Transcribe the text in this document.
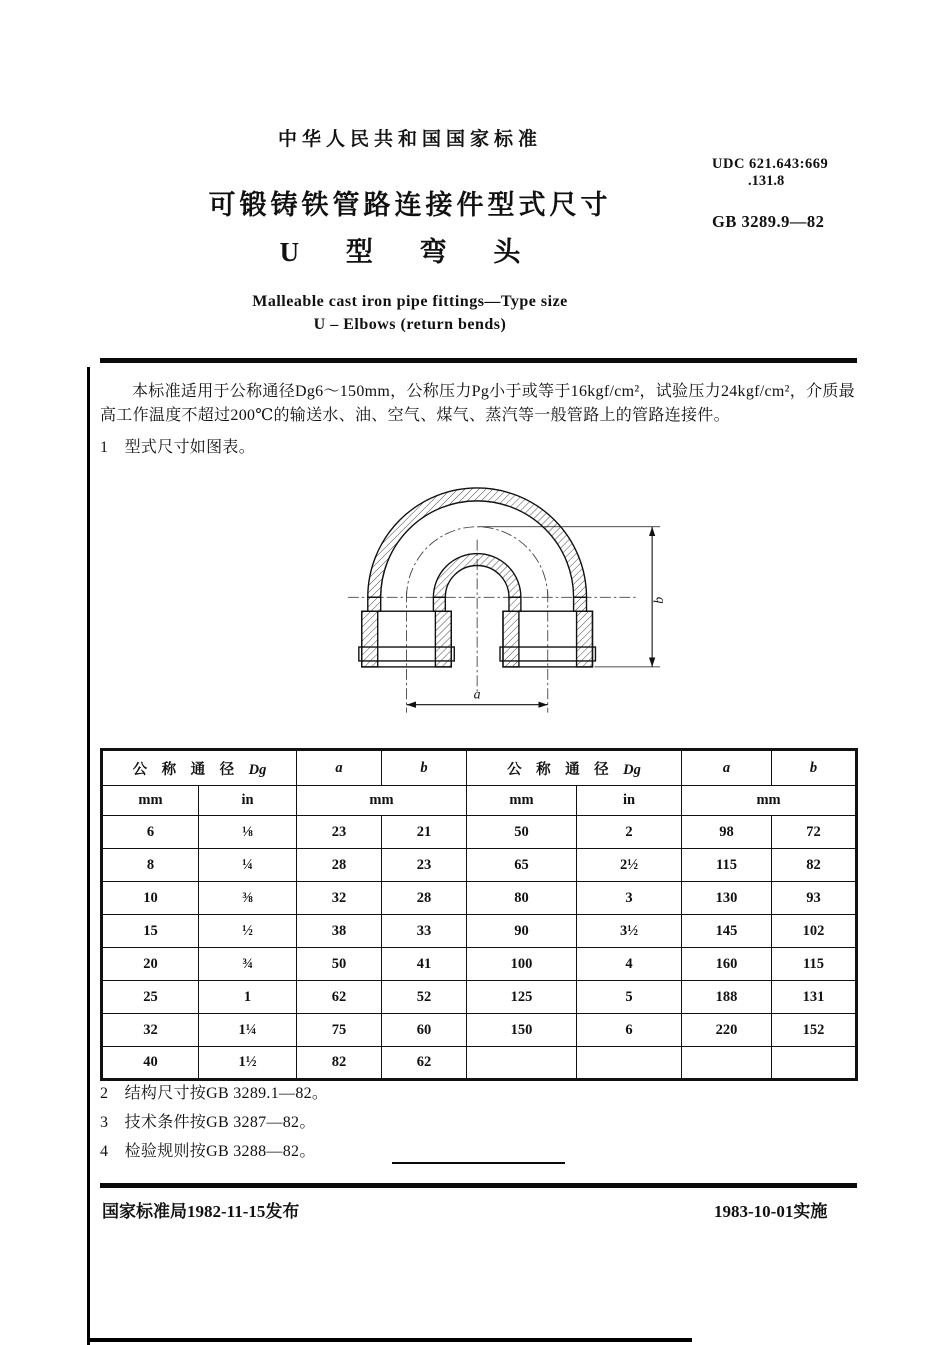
中华人民共和国国家标准
可锻铸铁管路连接件型式尺寸
U 型 弯 头
Malleable cast iron pipe fittings—Type size
U – Elbows (return bends)
UDC 621.643:669
.131.8
GB 3289.9—82

本标准适用于公称通径Dg6～150mm，公称压力Pg小于或等于16kgf/cm²，试验压力24kgf/cm²，介质最高工作温度不超过200℃的输送水、油、空气、煤气、蒸汽等一般管路上的管路连接件。

1　型式尺寸如图表。

a
b
公　称　通　径　 Dg		a	b	公　称　通　径　 Dg		a	b
mm	in	mm		mm	in	mm	
6	⅛	23	21	50	2	98	72
8	¼	28	23	65	2½	115	82
10	⅜	32	28	80	3	130	93
15	½	38	33	90	3½	145	102
20	¾	50	41	100	4	160	115
25	1	62	52	125	5	188	131
32	1¼	75	60	150	6	220	152
40	1½	82	62				
2　结构尺寸按GB 3289.1—82。
3　技术条件按GB 3287—82。
4　检验规则按GB 3288—82。
国家标准局1982-11-15发布	1983-10-01实施
